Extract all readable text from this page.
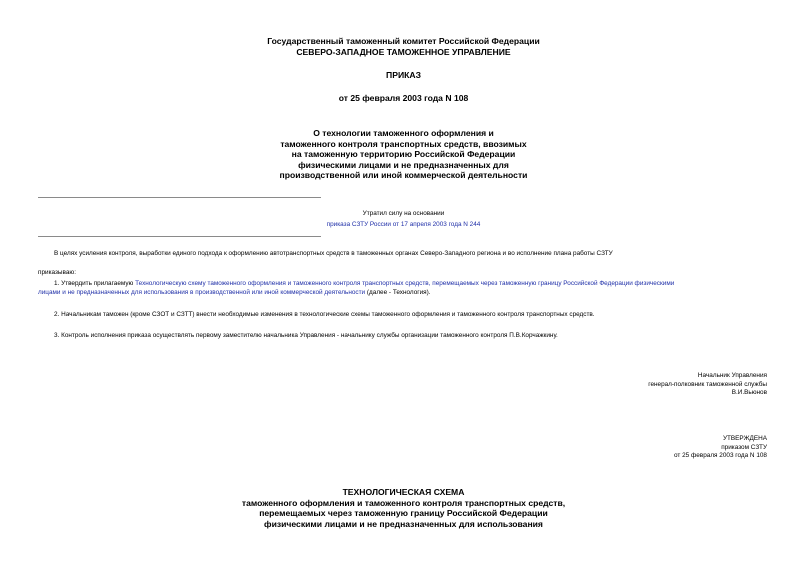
Государственный таможенный комитет Российской Федерации
СЕВЕРО-ЗАПАДНОЕ ТАМОЖЕННОЕ УПРАВЛЕНИЕ
ПРИКАЗ
от 25 февраля 2003 года N 108

О технологии таможенного оформления и

таможенного контроля транспортных средств, ввозимых

на таможенную территорию Российской Федерации

физическими лицами и не предназначенных для

производственной или иной коммерческой деятельности

Утратил силу на основании
приказа СЗТУ России от 17 апреля 2003 года N 244
В целях усиления контроля, выработки единого подхода к оформлению автотранспортных средств в таможенных органах Северо-Западного региона и во исполнение плана работы СЗТУ
приказываю:

1. Утвердить прилагаемую Технологическую схему таможенного оформления и таможенного контроля транспортных средств, перемещаемых через таможенную границу Российской Федерации физическими

лицами и не предназначенных для использования в производственной или иной коммерческой деятельности (далее - Технология).

2. Начальникам таможен (кроме СЗОТ и СЗТТ) внести необходимые изменения в технологические схемы таможенного оформления и таможенного контроля транспортных средств.
3. Контроль исполнения приказа осуществлять первому заместителю начальника Управления - начальнику службы организации таможенного контроля П.В.Корчажкину.

Начальник Управления

генерал-полковник таможенной службы

В.И.Вьюнов

УТВЕРЖДЕНА

приказом СЗТУ

от 25 февраля 2003 года N 108

ТЕХНОЛОГИЧЕСКАЯ СХЕМА

таможенного оформления и таможенного контроля транспортных средств,

перемещаемых через таможенную границу Российской Федерации

физическими лицами и не предназначенных для использования
